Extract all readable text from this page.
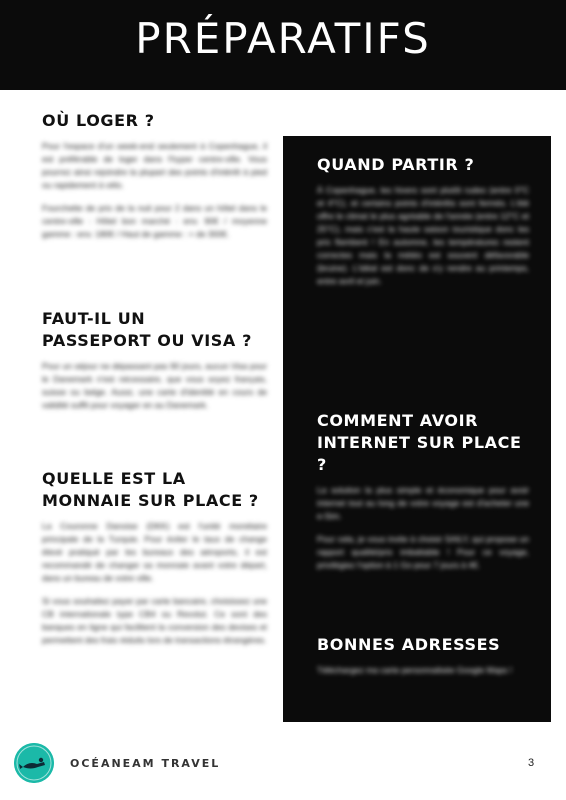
PRÉPARATIFS
OÙ LOGER ?

Pour l'espace d'un week-end seulement à Copenhague, il est préférable de loger dans l'hyper centre-ville. Vous pourrez ainsi rejoindre la plupart des points d'intérêt à pied ou rapidement à vélo.

Fourchette de prix de la nuit pour 2 dans un hôtel dans le centre-ville : Hôtel bon marché : env. 90€ / moyenne gamme : env. 180€ / Haut de gamme : + de 300€.

FAUT-IL UN
PASSEPORT OU VISA ?

Pour un séjour ne dépassant pas 90 jours, aucun Visa pour le Danemark n'est nécessaire, que vous soyez français, suisse ou belge. Aussi, une carte d'identité en cours de validité suffit pour voyager en au Danemark.

QUELLE EST LA
MONNAIE SUR PLACE ?

La Couronne Danoise (DKK) est l'unité monétaire principale de la Turquie. Pour éviter le taux de change élevé pratiqué par les bureaux des aéroports, il est recommandé de changer sa monnaie avant votre départ, dans un bureau de votre ville.

Si vous souhaitez payer par carte bancaire, choisissez une CB internationale type CB4 ou Revolut. Ce sont des banques en ligne qui facilitent la conversion des devises et permettent des frais réduits lors de transactions étrangères.

QUAND PARTIR ?

À Copenhague, les hivers sont plutôt rudes (entre 0°C et 4°C), et certains points d'intérêts sont fermés. L'été offre le climat le plus agréable de l'année (entre 12°C et 25°C), mais c'est la haute saison touristique donc les prix flambent ! En automne, les températures restent correctes mais la météo est souvent défavorable (bruine). L'idéal est donc de s'y rendre au printemps, entre avril et juin.

COMMENT AVOIR
INTERNET SUR PLACE ?

La solution la plus simple et économique pour avoir internet tout au long de votre voyage est d'acheter une e-Sim.

Pour cela, je vous invite à choisir SAILY, qui propose un rapport qualité/prix imbattable ! Pour ce voyage, privilégiez l'option à 1 Go pour 7 jours à 4€.

BONNES ADRESSES

Téléchargez ma carte personnalisée Google Maps !

OCÉANEAM TRAVEL	3
